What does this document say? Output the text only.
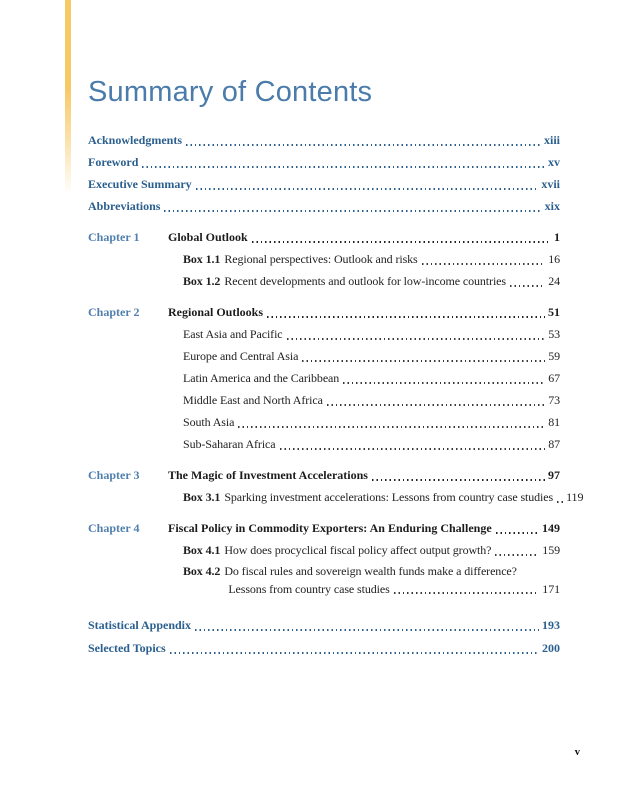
Summary of Contents
Acknowledgments	xiii
Foreword	xv
Executive Summary	xvii
Abbreviations	xix
Chapter 1	Global Outlook	1
Box 1.1 Regional perspectives: Outlook and risks	16
Box 1.2 Recent developments and outlook for low-income countries	24
Chapter 2	Regional Outlooks	51
East Asia and Pacific	53
Europe and Central Asia	59
Latin America and the Caribbean	67
Middle East and North Africa	73
South Asia	81
Sub-Saharan Africa	87
Chapter 3	The Magic of Investment Accelerations	97
Box 3.1 Sparking investment accelerations: Lessons from country case studies 119
Chapter 4	Fiscal Policy in Commodity Exporters: An Enduring Challenge	149
Box 4.1 How does procyclical fiscal policy affect output growth?	159
Box 4.2 Do fiscal rules and sovereign wealth funds make a difference?
Lessons from country case studies	171
Statistical Appendix	193
Selected Topics	200
v
